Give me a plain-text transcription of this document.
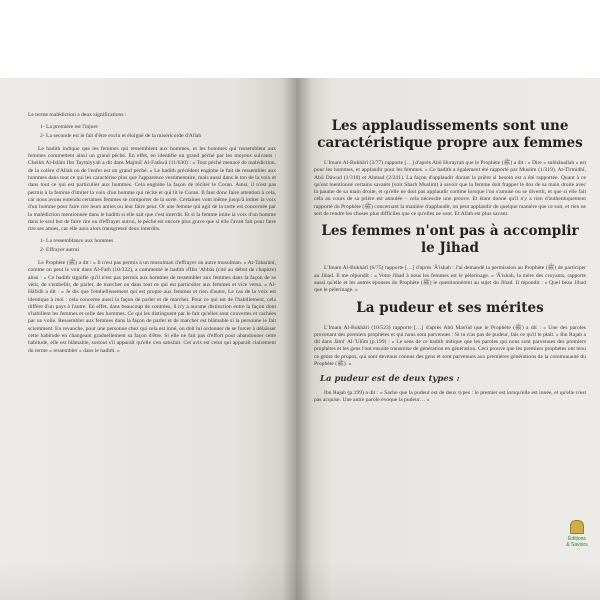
Le terme malédiction a deux significations :

1- La première est l'injure
2- La seconde est le fait d'être exclu et éloigné de la miséricorde d'Allah

Le hadith indique que les femmes qui ressemblent aux hommes, et les hommes qui ressemblent aux femmes commettent ainsi un grand péché. En effet, en identifie un grand péché par les moyens suivants : Cheikh Al-Islâm Ibn Taymiyyah a dit dans Majmû' Al-Fatâwâ (11/630) : « Tout péché menacé de malédiction, de la colère d'Allah ou de l'enfer est un grand péché. » Le hadith précédent englobe le fait de ressembler aux hommes dans tout ce qui les caractérise plus que l'apparence vestimentaire, mais aussi dans le ton de la voix et dans tout ce qui est particulier aux hommes. Cela englobe la façon de réciter le Coran. Ainsi, il n'est pas permis à la femme d'imiter la voix d'un homme qui récite et qui lit le Coran. Il faut donc faire attention à cela, car nous avons entendu certaines femmes se comporter de la sorte. Certaines vont même jusqu'à imiter la voix d'un homme pour faire rire leurs amies ou leur faire peur. Or une femme qui agit de la sorte est concernée par la malédiction mentionnée dans le hadith si elle sait que c'est interdit. Et si la femme imite la voix d'un homme dans le seul but de faire rire ou d'effrayer autrui, le péché est encore plus grave que si elle l'avait fait pour faire rire ses amies, car elle aura alors transgressé deux interdits.

1- La ressemblance aux hommes
2- Effrayer autrui

Le Prophète (ﷺ) a dit : « Il n'est pas permis à un musulman d'effrayer un autre musulman. » At-Tabarânî, comme on peut le voir dans Al-Fath (10/332), a commenté le hadith d'Ibn 'Abbâs (cité au début de chapitre) ainsi : « Ce hadith signifie qu'il n'est pas permis aux hommes de ressembler aux femmes dans la façon de se vêtir, de s'embellir, de parler, de marcher ou dans tout ce qui est particulier aux femmes et vice versa. » Al-Hâfidh a dit : « Je dis que l'embellissement qui est propre aux femmes et rien d'autre, Le cas de la voix est identique à moi : cela concerne aussi la façon de parler et de marcher. Pour ce qui est de l'habillement, cela diffère d'un pays à l'autre. En effet, dans beaucoup de contrées, il n'y a aucune distinction entre la façon dont s'habillent les femmes et celle des hommes. Ce qui les distinguent par le fait qu'elles sont couvertes et cachées par un voile. Ressembler aux femmes dans la façon de parler et de marcher est blâmable si la personne le fait sciemment. En revanche, pour une personne chez qui cela est inné, on doit lui ordonner de se forcer à délaisser cette habitude en changeant graduellement sa façon d'être. Si elle ne fait pas d'effort pour abandonner cette habitude, elle est blâmable, surtout s'il apparaît qu'elle s'en satisfait. Cet avis est celui qui apparaît clairement du terme « ressembler » dans le hadith. »

Les applaudissements sont une caractéristique propre aux femmes

L'Imam Al-Bukhârî (3/77) rapporte […] d'après Abû Hurayrah que le Prophète (ﷺ) a dit : « Dire « subhânallah » est pour les hommes, et applaudir pour les femmes. » Ce hadith a également été rapporté par Muslim (1/319), At-Tirmidhî, Abû Dâwud (1/310) et Ahmad (2/241). La façon d'applaudir durant la prière si besoin est a été rapportée. Quant à ce qu'ont mentionné certains savants (voir Sharh Muslim) à savoir que la femme doit frapper le dos de sa main droite avec la paume de sa main droite, et qu'elle ne doit pas applaudir comme lorsque l'on s'amuse ou se divertit, et que si elle fait cela au cours de sa prière est annulée – cela nécessite une preuve. Et étant donné qu'il n'y a rien d'authentiquement rapporté du Prophète (ﷺ) concernant la manière d'applaudir, on peut applaudir de quelque manière que ce soit, et rien ne sert de rendre les choses plus difficiles que ce qu'elles ne sont. Et Allah est plus savant.

Les femmes n'ont pas à accomplir le Jihad

L'Imam Al-Bukhârî (6/75) rapporte […] d'après 'Â'ishah : J'ai demandé la permission au Prophète (ﷺ) de participer au Jihad. Il me répondit : « Votre Jihad à nous les femmes est le pèlerinage. » 'Â'ishah, la mère des croyants, rapporte aussi qu'elle et les autres épouses du Prophète (ﷺ) le questionnèrent au sujet du Jihad. Il répondit : « Quel beau Jihad que le pèlerinage. »

La pudeur et ses mérites

L'Imam Al-Bukhârî (10/523) rapporte […] d'après Abû Mas'ûd que le Prophète (ﷺ) a dit : « Une des paroles provenant des premiers prophètes et qui nous sont parvenues : Si tu n'as pas de pudeur, fais ce qu'il te plaît. » Ibn Rajab a dit dans Jâmi' Al-'Ulûm (p.199) : « Le sens de ce hadith indique que les paroles qui nous sont parvenues des premiers prophètes et les gens l'ont ensuite transmise de génération en génération. Ceci prouve que les premiers prophètes ont tenu ce genre de propos, qui sont devenus connus des gens et sont parvenues aux premières générations de la communauté du Prophète (ﷺ). »

La pudeur est de deux types :

Ibn Rajab (p.199) a dit : « Sache que la pudeur est de deux types : le premier est lorsqu'elle est innée, et qu'elle n'est pas acquise. Une autre parole évoque la pudeur… »

Éditions
& Savoirs
